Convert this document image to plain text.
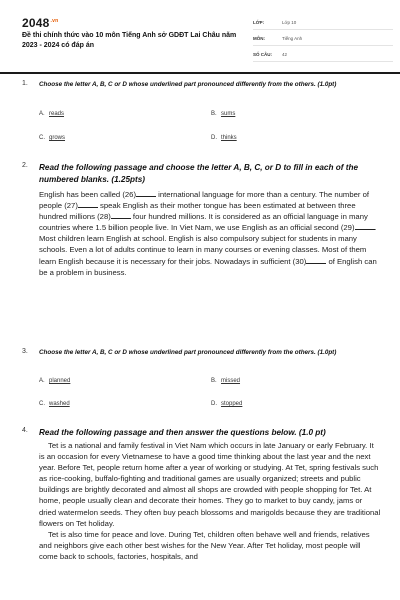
$2048^{.vn}$
Đề thi chính thức vào 10 môn Tiếng Anh sở GDĐT Lai Châu năm 2023 - 2024 có đáp án
LỚP:	Lớp 10
MÔN:	Tiếng Anh
SỐ CÂU:	42
1. Choose the letter A, B, C or D whose underlined part pronounced differently from the others. (1.0pt)
A. reads	B. sums
C. grows	D. thinks
2. Read the following passage and choose the letter A, B, C, or D to fill in each of the numbered blanks. (1.25pts)

English has been called (26)	international language for more than a century. The number of people (27)	speak English as their mother tongue has been estimated at between three hundred millions (28)	four hundred millions. It is considered as an official language in many countries where 1.5 billion people live. In Viet Nam, we use English as an official second (29)	. Most children learn English at school. English is also compulsory subject for students in many schools. Even a lot of adults continue to learn in many courses or evening classes. Most of them learn English because it is necessary for their jobs. Nowadays in sufficient (30)	of English can be a problem in business.

3. Choose the letter A, B, C or D whose underlined part pronounced differently from the others. (1.0pt)
A. planned	B. missed
C. washed	D. stopped
4. Read the following passage and then answer the questions below. (1.0 pt)

Tet is a national and family festival in Viet Nam which occurs in late January or early February. It is an occasion for every Vietnamese to have a good time thinking about the last year and the next year. Before Tet, people return home after a year of working or studying. At Tet, spring festivals such as rice-cooking, buffalo-fighting and traditional games are usually organized; streets and public buildings are brightly decorated and almost all shops are crowded with people shopping for Tet. At home, people usually clean and decorate their homes. They go to market to buy candy, jams or dried watermelon seeds. They often buy peach blossoms and marigolds because they are traditional flowers on Tet holiday.

Tet is also time for peace and love. During Tet, children often behave well and friends, relatives and neighbors give each other best wishes for the New Year. After Tet holiday, most people will come back to schools, factories, hospitals, and
